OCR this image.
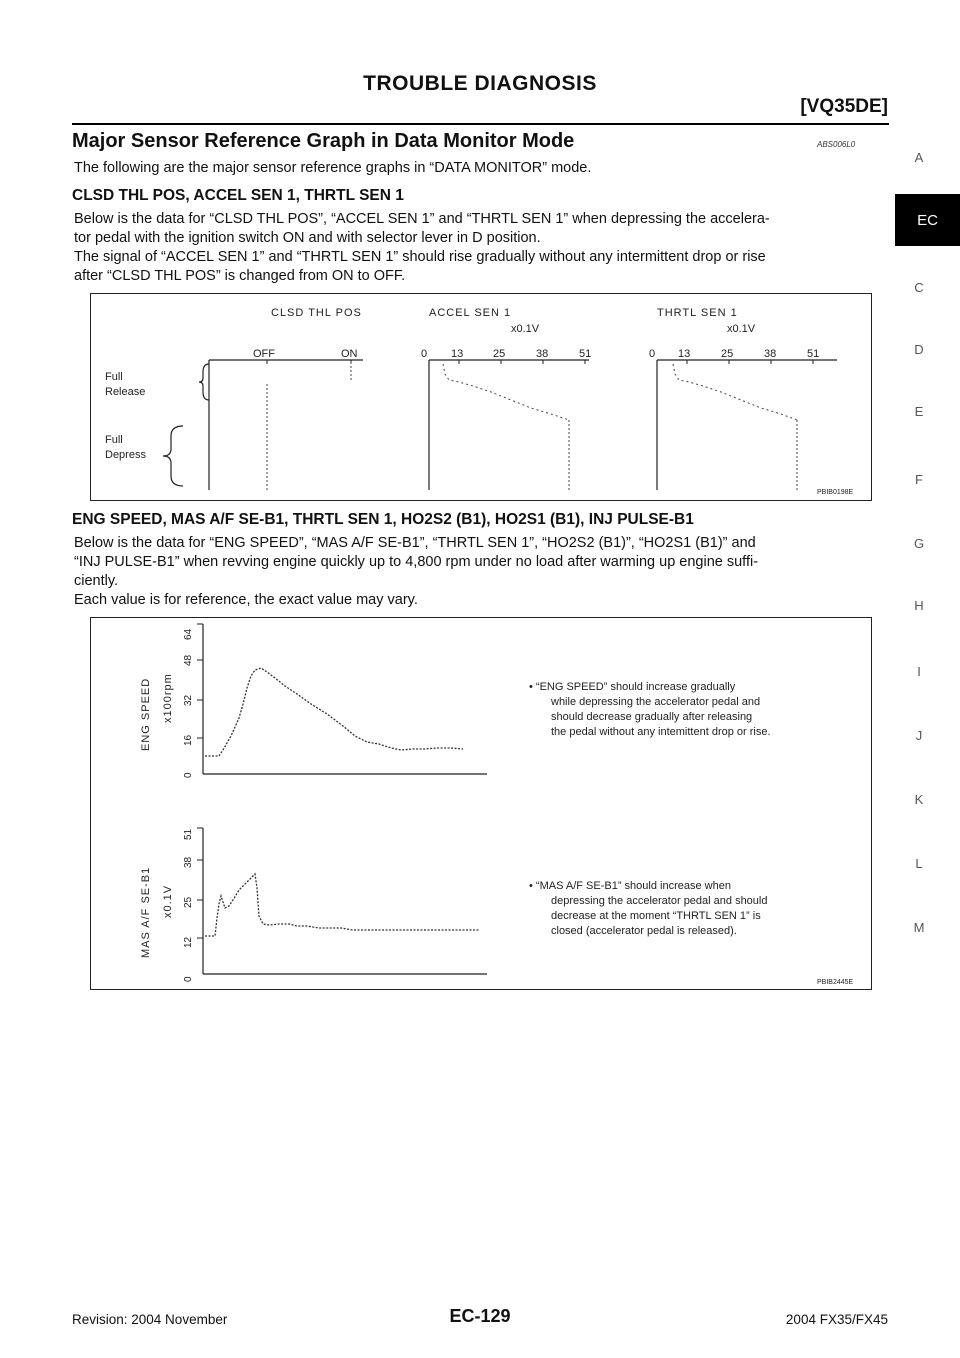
TROUBLE DIAGNOSIS
[VQ35DE]
Major Sensor Reference Graph in Data Monitor Mode	ABS006L0
The following are the major sensor reference graphs in “DATA MONITOR” mode.
CLSD THL POS, ACCEL SEN 1, THRTL SEN 1

Below is the data for “CLSD THL POS”, “ACCEL SEN 1” and “THRTL SEN 1” when depressing the accelera-

tor pedal with the ignition switch ON and with selector lever in D position.

The signal of “ACCEL SEN 1” and “THRTL SEN 1” should rise gradually without any intermittent drop or rise

after “CLSD THL POS” is changed from ON to OFF.

CLSD THL POS	ACCEL SEN 1	THRTL SEN 1
x0.1V	x0.1V
OFF	ON	0 13	25	38	51	0 13	25	38	51
Full
Release
Full
Depress
PBIB0198E
ENG SPEED, MAS A/F SE-B1, THRTL SEN 1, HO2S2 (B1), HO2S1 (B1), INJ PULSE-B1

Below is the data for “ENG SPEED”, “MAS A/F SE-B1”, “THRTL SEN 1”, “HO2S2 (B1)”, “HO2S1 (B1)” and

“INJ PULSE-B1” when revving engine quickly up to 4,800 rpm under no load after warming up engine suffi-

ciently.

Each value is for reference, the exact value may vary.

ENG SPEED x100rpm
0
16
32
48
64
• “ENG SPEED” should increase gradually
while depressing the accelerator pedal and
should decrease gradually after releasing
the pedal without any intemittent drop or rise.
MAS A/F SE-B1 x0.1V
0
12
25
38
51
• “MAS A/F SE-B1” should increase when
depressing the accelerator pedal and should
decrease at the moment “THRTL SEN 1” is
closed (accelerator pedal is released).
PBIB2445E
A
EC
C
D
E
F
G
H
I
J
K
L
M
Revision: 2004 November	EC-129	2004 FX35/FX45
